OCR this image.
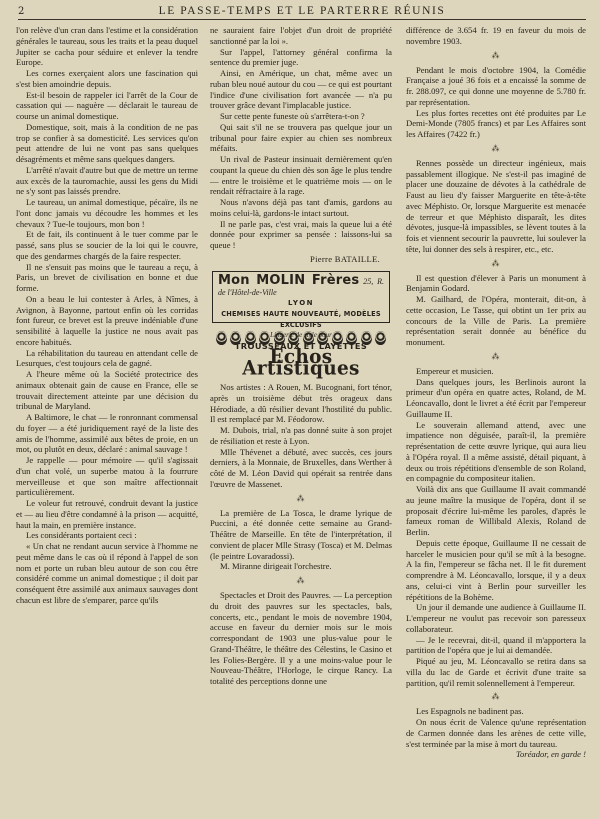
2	LE PASSE-TEMPS ET LE PARTERRE RÉUNIS

l'on relève d'un cran dans l'estime et la considération générales le taureau, sous les traits et la peau duquel Jupiter se cacha pour séduire et enlever la tendre Europe.

Les cornes exerçaient alors une fascination qui s'est bien amoindrie depuis.

Est-il besoin de rappeler ici l'arrêt de la Cour de cassation qui — naguère — déclarait le taureau de course un animal domestique.

Domestique, soit, mais à la condition de ne pas trop se confier à sa domesticité. Les services qu'on peut attendre de lui ne vont pas sans quelques désagréments et même sans quelques dangers.

L'arrêté n'avait d'autre but que de mettre un terme aux excès de la tauromachie, aussi les gens du Midi ne s'y sont pas laissés prendre.

Le taureau, un animal domestique, pécaïre, ils ne l'ont donc jamais vu découdre les hommes et les chevaux ? Tue-le toujours, mon bon !

Et de fait, ils continuent à le tuer comme par le passé, sans plus se soucier de la loi qui le couvre, que des gendarmes chargés de la faire respecter.

Il ne s'ensuit pas moins que le taureau a reçu, à Paris, un brevet de civilisation en bonne et due forme.

On a beau le lui contester à Arles, à Nîmes, à Avignon, à Bayonne, partout enfin où les corridas font fureur, ce brevet est la preuve indéniable d'une sensibilité à laquelle la justice ne nous avait pas encore habitués.

La réhabilitation du taureau en attendant celle de Lesurques, c'est toujours cela de gagné.

A l'heure même où la Société protectrice des animaux obtenait gain de cause en France, elle se trouvait directement atteinte par une décision du tribunal de Maryland.

A Baltimore, le chat — le ronronnant commensal du foyer — a été juridiquement rayé de la liste des amis de l'homme, assimilé aux bêtes de proie, en un mot, ou plutôt en deux, déclaré : animal sauvage !

Je rappelle — pour mémoire — qu'il s'agissait d'un chat volé, un superbe matou à la fourrure merveilleuse et que son maître affectionnait particulièrement.

Le voleur fut retrouvé, condruit devant la justice et — au lieu d'être condamné à la prison — acquitté, haut la main, en première instance.

Les considérants portaient ceci :

« Un chat ne rendant aucun service à l'homme ne peut même dans le cas où il répond à l'appel de son nom et porte un ruban bleu autour de son cou être considéré comme un animal domestique ; il doit par conséquent être assimilé aux animaux sauvages dont chacun est libre de s'emparer, parce qu'ils

ne sauraient faire l'objet d'un droit de propriété sanctionné par la loi ».

Sur l'appel, l'attorney général confirma la sentence du premier juge.

Ainsi, en Amérique, un chat, même avec un ruban bleu noué autour du cou — ce qui est pourtant l'indice d'une civilisation fort avancée — n'a pu trouver grâce devant l'implacable justice.

Sur cette pente funeste où s'arrêtera-t-on ?

Qui sait s'il ne se trouvera pas quelque jour un tribunal pour faire expier au chien ses nombreux méfaits.

Un rival de Pasteur insinuait dernièrement qu'en coupant la queue du chien dès son âge le plus tendre — entre le troisième et le quatrième mois — on le rendait réfractaire à la rage.

Nous n'avons déjà pas tant d'amis, gardons au moins celui-là, gardons-le intact surtout.

Il ne parle pas, c'est vrai, mais la queue lui a été donnée pour exprimer sa pensée : laissons-lui sa queue !

Pierre BATAILLE.
Mon MOLIN Frères 25, R. de l'Hôtel-de-Ville
LYON
CHEMISES HAUTE NOUVEAUTÉ, MODÈLES EXCLUSIFS
Lingerie de style pour
TROUSSEAUX ET LAYETTES
Echos Artistiques

Nos artistes : A Rouen, M. Bucognani, fort ténor, après un troisième début très orageux dans Hérodiade, a dû résilier devant l'hostilité du public. Il est remplacé par M. Féodorow.

M. Dubois, trial, n'a pas donné suite à son projet de résiliation et reste à Lyon.

Mlle Thévenet a débuté, avec succès, ces jours derniers, à la Monnaie, de Bruxelles, dans Werther à côté de M. Léon David qui opérait sa rentrée dans l'œuvre de Massenet.

⁂

La première de La Tosca, le drame lyrique de Puccini, a été donnée cette semaine au Grand-Théâtre de Marseille. En tête de l'interprétation, il convient de placer Mlle Strasy (Tosca) et M. Delmas (le peintre Lovaradossi).

M. Miranne dirigeait l'orchestre.

⁂

Spectacles et Droit des Pauvres. — La perception du droit des pauvres sur les spectacles, bals, concerts, etc., pendant le mois de novembre 1904, accuse en faveur du dernier mois sur le mois correspondant de 1903 une plus-value pour le Grand-Théâtre, le théâtre des Célestins, le Casino et les Folies-Bergère. Il y a une moins-value pour le Nouveau-Théâtre, l'Horloge, le cirque Rancy. La totalité des perceptions donne une

différence de 3.654 fr. 19 en faveur du mois de novembre 1903.

⁂

Pendant le mois d'octobre 1904, la Comédie Française a joué 36 fois et a encaissé la somme de fr. 288.097, ce qui donne une moyenne de 5.780 fr. par représentation.

Les plus fortes recettes ont été produites par Le Demi-Monde (7805 francs) et par Les Affaires sont les Affaires (7422 fr.)

⁂

Rennes possède un directeur ingénieux, mais passablement illogique. Ne s'est-il pas imaginé de placer une douzaine de dévotes à la cathédrale de Faust au lieu d'y faisser Marguerite en tête-à-tête avec Méphisto. Or, lorsque Marguerite est menacée de terreur et que Méphisto disparaît, les dites dévotes, jusque-là impassibles, se lèvent toutes à la fois et viennent secourir la pauvrette, lui soulever la tête, lui donner des sels à respirer, etc., etc.

⁂

Il est question d'élever à Paris un monument à Benjamin Godard.

M. Gailhard, de l'Opéra, monterait, dit-on, à cette occasion, Le Tasse, qui obtint un 1er prix au concours de la Ville de Paris. La première représentation serait donnée au bénéfice du monument.

⁂

Empereur et musicien.

Dans quelques jours, les Berlinois auront la primeur d'un opéra en quatre actes, Roland, de M. Léoncavallo, dont le livret a été écrit par l'empereur Guillaume II.

Le souverain allemand attend, avec une impatience non déguisée, paraît-il, la première représentation de cette œuvre lyrique, qui aura lieu à l'Opéra royal. Il a même assisté, détail piquant, à deux ou trois répétitions d'ensemble de son Roland, en compagnie du compositeur italien.

Voilà dix ans que Guillaume II avait commandé au jeune maître la musique de l'opéra, dont il se proposait d'écrire lui-même les paroles, d'après le fameux roman de Willibald Alexis, Roland de Berlin.

Depuis cette époque, Guillaume II ne cessait de harceler le musicien pour qu'il se mît à la besogne. A la fin, l'empereur se fâcha net. Il le fit durement comprendre à M. Léoncavallo, lorsque, il y a deux ans, celui-ci vint à Berlin pour surveiller les répétitions de la Bohème.

Un jour il demande une audience à Guillaume II. L'empereur ne voulut pas recevoir son paresseux collaborateur.

— Je le recevrai, dit-il, quand il m'apportera la partition de l'opéra que je lui ai demandée.

Piqué au jeu, M. Léoncavallo se retira dans sa villa du lac de Garde et écrivit d'une traite sa partition, qu'il remit solennellement à l'empereur.

⁂

Les Espagnols ne badinent pas.

On nous écrit de Valence qu'une représentation de Carmen donnée dans les arènes de cette ville, s'est terminée par la mise à mort du taureau.

Toréador, en garde !
